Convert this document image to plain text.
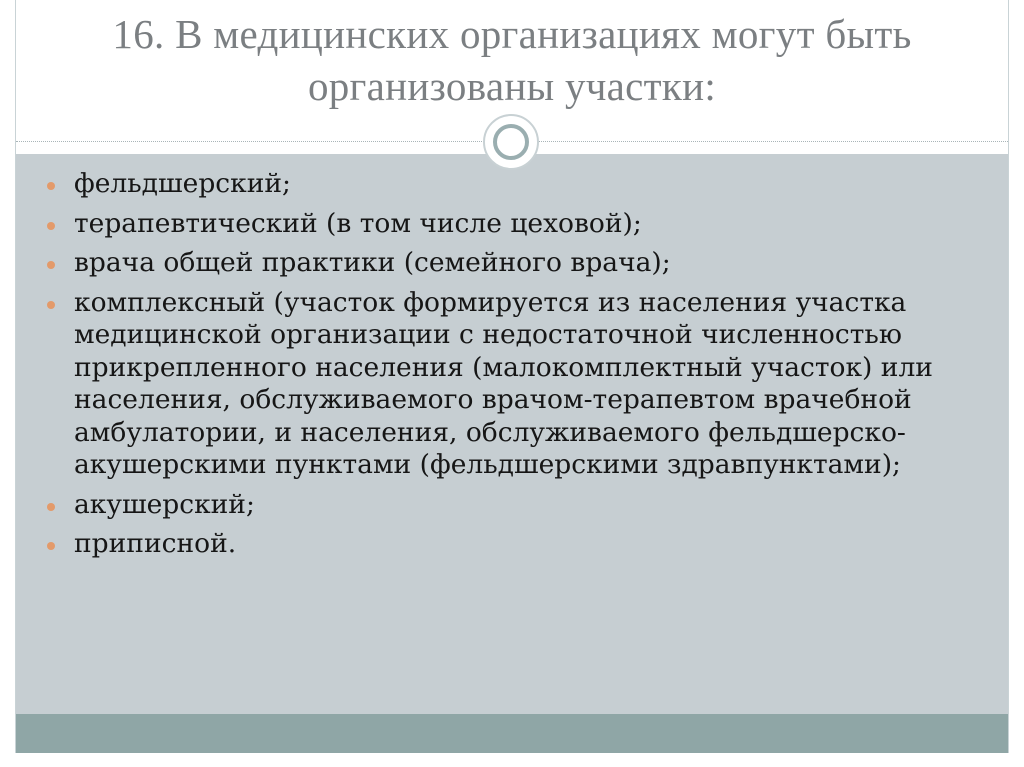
16. В медицинских организациях могут быть организованы участки:
фельдшерский;
терапевтический (в том числе цеховой);
врача общей практики (семейного врача);
комплексный (участок формируется из населения участка медицинской организации с недостаточной численностью прикрепленного населения (малокомплектный участок) или населения, обслуживаемого врачом-терапевтом врачебной амбулатории, и населения, обслуживаемого фельдшерско-акушерскими пунктами (фельдшерскими здравпунктами);
акушерский;
приписной.
